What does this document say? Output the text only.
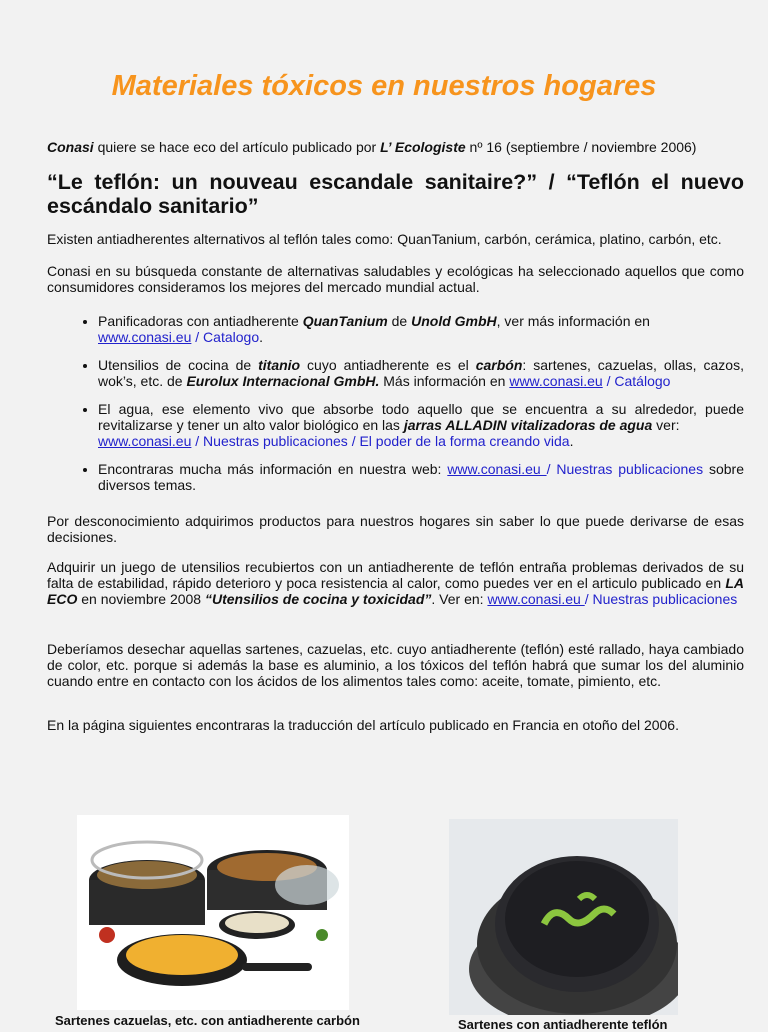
Materiales tóxicos en nuestros hogares
Conasi quiere se hace eco del artículo publicado por L’ Ecologiste nº 16 (septiembre / noviembre 2006)
“Le teflón: un nouveau escandale sanitaire?” / “Teflón el nuevo escándalo sanitario”

Existen antiadherentes alternativos al teflón tales como: QuanTanium, carbón, cerámica, platino, carbón, etc.

Conasi en su búsqueda constante de alternativas saludables y ecológicas ha seleccionado aquellos que como consumidores consideramos los mejores del mercado mundial actual.

• Panificadoras con antiadherente QuanTanium de Unold GmbH, ver más información en
www.conasi.eu / Catalogo.
• Utensilios de cocina de titanio cuyo antiadherente es el carbón: sartenes, cazuelas, ollas, cazos, wok’s, etc. de Eurolux Internacional GmbH. Más información en www.conasi.eu / Catálogo
• El agua, ese elemento vivo que absorbe todo aquello que se encuentra a su alrededor, puede revitalizarse y tener un alto valor biológico en las jarras ALLADIN vitalizadoras de agua ver:
www.conasi.eu / Nuestras publicaciones / El poder de la forma creando vida.
• Encontraras mucha más información en nuestra web: www.conasi.eu / Nuestras publicaciones sobre diversos temas.

Por desconocimiento adquirimos productos para nuestros hogares sin saber lo que puede derivarse de esas decisiones.

Adquirir un juego de utensilios recubiertos con un antiadherente de teflón entraña problemas derivados de su falta de estabilidad, rápido deterioro y poca resistencia al calor, como puedes ver en el articulo publicado en LA ECO en noviembre 2008 “Utensilios de cocina y toxicidad”. Ver en: www.conasi.eu / Nuestras publicaciones

Deberíamos desechar aquellas sartenes, cazuelas, etc. cuyo antiadherente (teflón) esté rallado, haya cambiado de color, etc. porque si además la base es aluminio, a los tóxicos del teflón habrá que sumar los del aluminio cuando entre en contacto con los ácidos de los alimentos tales como: aceite, tomate, pimiento, etc.

En la página siguientes encontraras la traducción del artículo publicado en Francia en otoño del 2006.

Sartenes cazuelas, etc. con antiadherente carbón	Sartenes con antiadherente teflón
